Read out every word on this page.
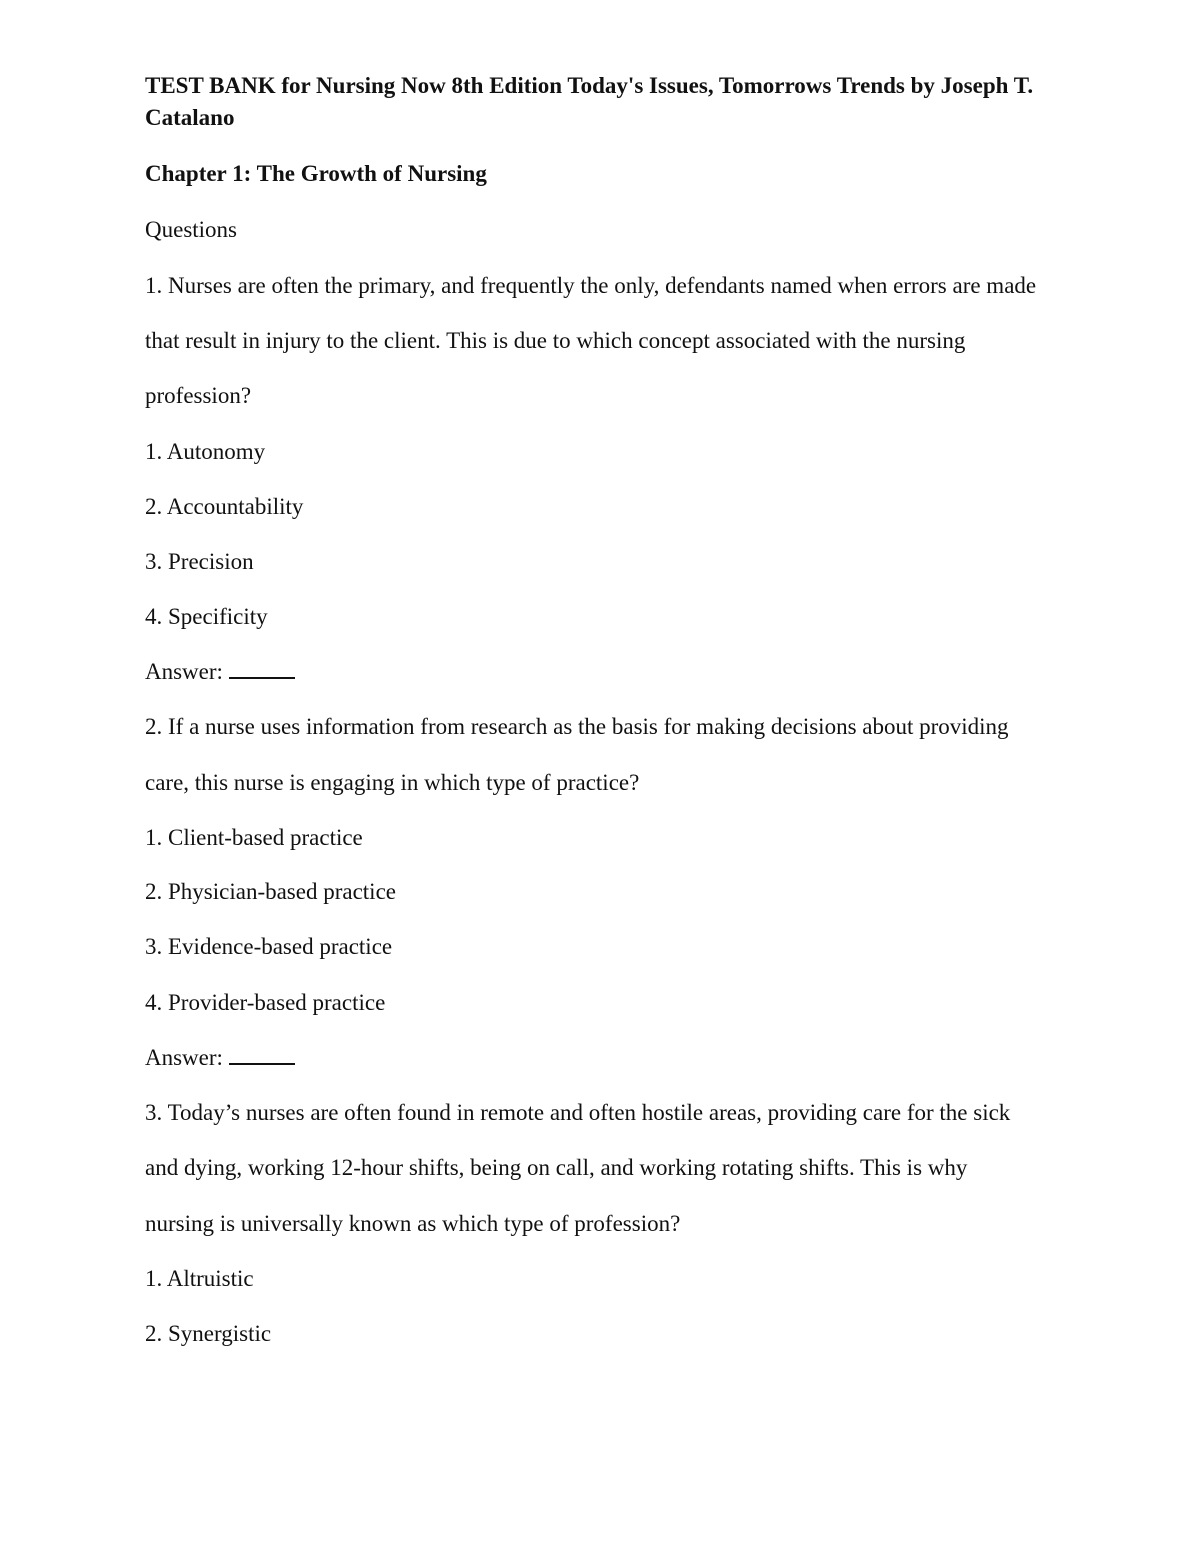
TEST BANK for Nursing Now 8th Edition Today's Issues, Tomorrows Trends by Joseph T. Catalano
Chapter 1: The Growth of Nursing

Questions

1. Nurses are often the primary, and frequently the only, defendants named when errors are made

that result in injury to the client. This is due to which concept associated with the nursing

profession?

1. Autonomy

2. Accountability

3. Precision

4. Specificity

Answer:

2. If a nurse uses information from research as the basis for making decisions about providing

care, this nurse is engaging in which type of practice?

1. Client-based practice

2. Physician-based practice

3. Evidence-based practice

4. Provider-based practice

Answer:

3. Today’s nurses are often found in remote and often hostile areas, providing care for the sick

and dying, working 12-hour shifts, being on call, and working rotating shifts. This is why

nursing is universally known as which type of profession?

1. Altruistic

2. Synergistic
